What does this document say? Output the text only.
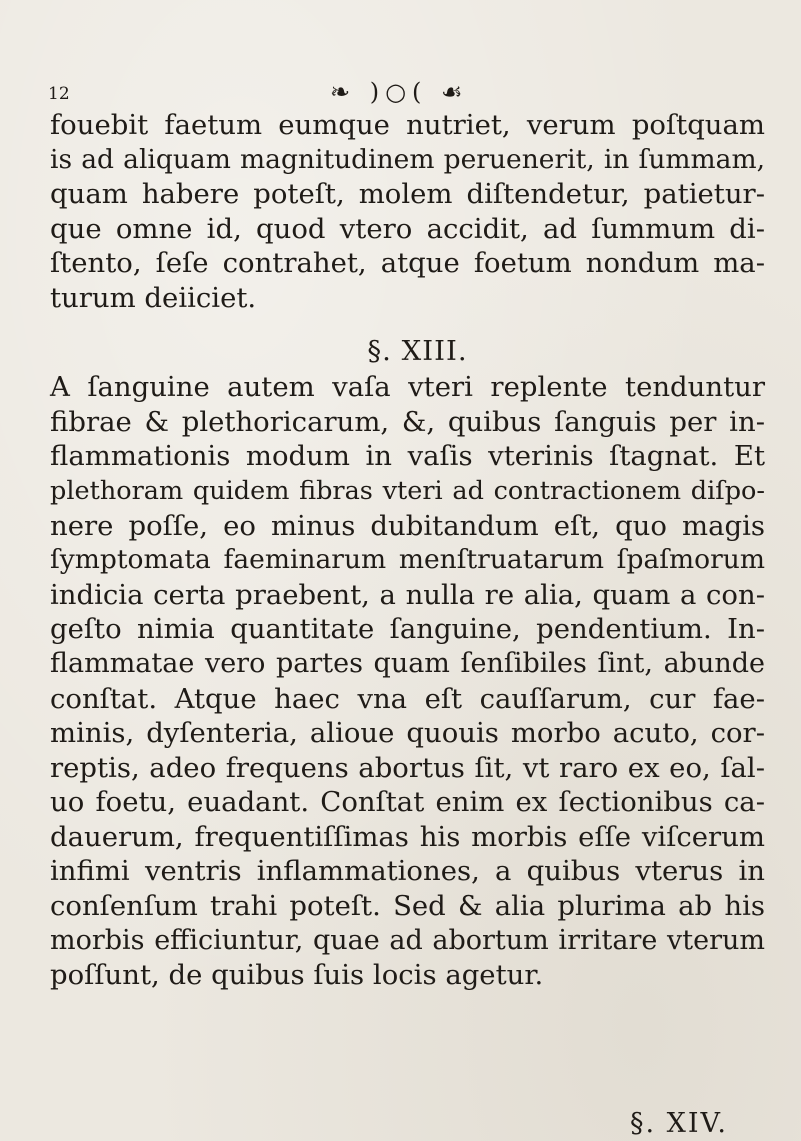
12	❧ )○( ☙
fouebit faetum eumque nutriet, verum poſtquam
is ad aliquam magnitudinem peruenerit, in ſummam,
quam habere poteſt, molem diſtendetur, patietur-
que omne id, quod vtero accidit, ad ſummum di-
ſtento, ſeſe contrahet, atque foetum nondum ma-
turum deiiciet.
§. XIII.
A ſanguine autem vaſa vteri replente tenduntur
fibrae & plethoricarum, &, quibus ſanguis per in-
flammationis modum in vaſis vterinis ſtagnat. Et
plethoram quidem fibras vteri ad contractionem diſpo-
nere poſſe, eo minus dubitandum eſt, quo magis
ſymptomata faeminarum menſtruatarum ſpaſmorum
indicia certa praebent, a nulla re alia, quam a con-
geſto nimia quantitate ſanguine, pendentium. In-
flammatae vero partes quam ſenſibiles ſint, abunde
conſtat. Atque haec vna eſt cauſſarum, cur fae-
minis, dyſenteria, alioue quouis morbo acuto, cor-
reptis, adeo frequens abortus ſit, vt raro ex eo, ſal-
uo foetu, euadant. Conſtat enim ex ſectionibus ca-
dauerum, frequentiſſimas his morbis eſſe viſcerum
infimi ventris inflammationes, a quibus vterus in
conſenſum trahi poteſt. Sed & alia plurima ab his
morbis efficiuntur, quae ad abortum irritare vterum
poſſunt, de quibus ſuis locis agetur.
§. XIV.
